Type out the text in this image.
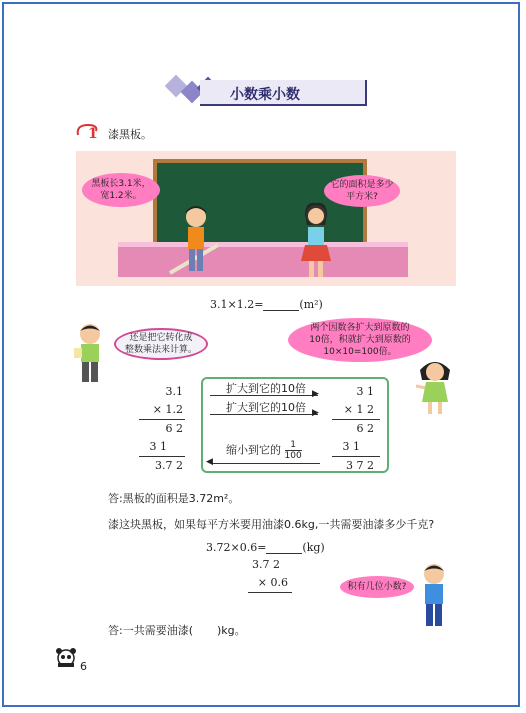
小数乘小数
1 漆黑板。
黑板长3.1米，
宽1.2米。
它的面积是多少
平方米?
3.1×1.2=	(m²)
还是把它转化成
整数乘法来计算。
两个因数各扩大到原数的
10倍，积就扩大到原数的
10×10=100倍。
3.1
× 1.2
6 2
3 1
3.7 2
扩大到它的10倍 ▶
扩大到它的10倍 ▶
缩小到它的 $\frac{1}{100}$
◀
3 1
× 1 2
6 2
3 1
3 7 2
答:黑板的面积是3.72m²。
漆这块黑板，如果每平方米要用油漆0.6kg,一共需要油漆多少千克?
3.72×0.6=	(kg)
3.7 2
× 0.6	积有几位小数?
答:一共需要油漆( )kg。
6
